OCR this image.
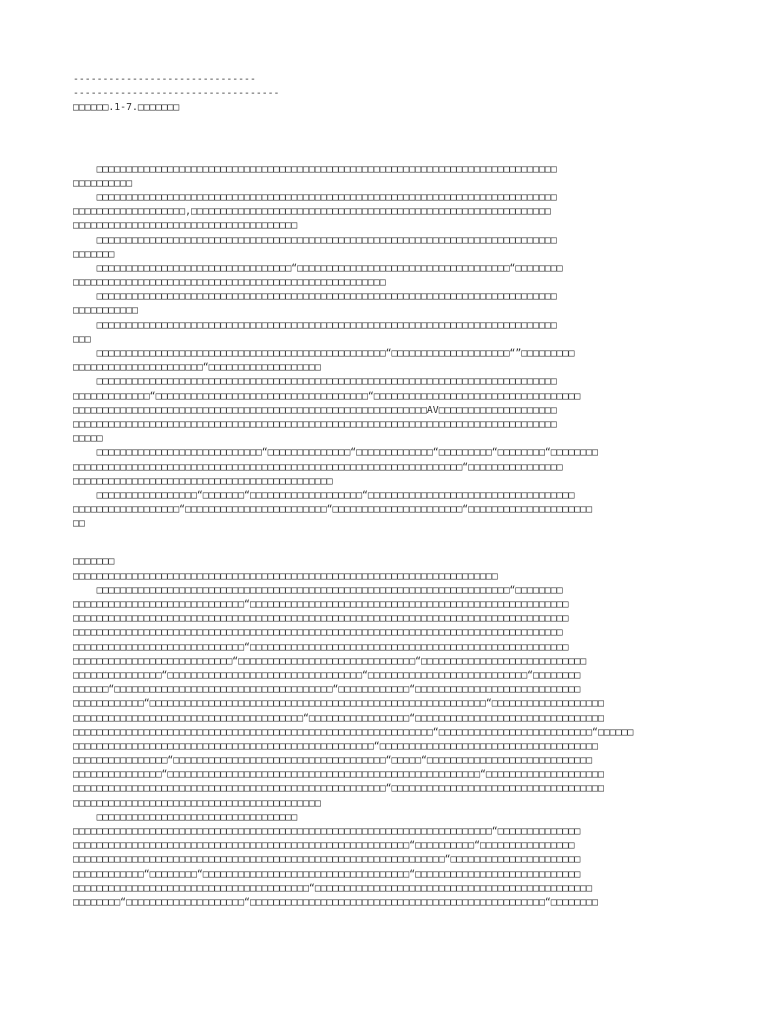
-------------------------------
-----------------------------------
□□□□□□.1-7.□□□□□□□
□□□□□□□□□□□□□□□□□□□□□□□□□□□□□□□□□□□□□□□□□□□□□□□□□□□□□□□□□□□□□□□□□□□□□□□□□□□□□□
□□□□□□□□□□
□□□□□□□□□□□□□□□□□□□□□□□□□□□□□□□□□□□□□□□□□□□□□□□□□□□□□□□□□□□□□□□□□□□□□□□□□□□□□□
□□□□□□□□□□□□□□□□□□□,□□□□□□□□□□□□□□□□□□□□□□□□□□□□□□□□□□□□□□□□□□□□□□□□□□□□□□□□□□□□□
□□□□□□□□□□□□□□□□□□□□□□□□□□□□□□□□□□□□□□
□□□□□□□□□□□□□□□□□□□□□□□□□□□□□□□□□□□□□□□□□□□□□□□□□□□□□□□□□□□□□□□□□□□□□□□□□□□□□□
□□□□□□□
□□□□□□□□□□□□□□□□□□□□□□□□□□□□□□□□□“□□□□□□□□□□□□□□□□□□□□□□□□□□□□□□□□□□□□“□□□□□□□□
□□□□□□□□□□□□□□□□□□□□□□□□□□□□□□□□□□□□□□□□□□□□□□□□□□□□□
□□□□□□□□□□□□□□□□□□□□□□□□□□□□□□□□□□□□□□□□□□□□□□□□□□□□□□□□□□□□□□□□□□□□□□□□□□□□□□
□□□□□□□□□□□
□□□□□□□□□□□□□□□□□□□□□□□□□□□□□□□□□□□□□□□□□□□□□□□□□□□□□□□□□□□□□□□□□□□□□□□□□□□□□□
□□□
□□□□□□□□□□□□□□□□□□□□□□□□□□□□□□□□□□□□□□□□□□□□□□□□□“□□□□□□□□□□□□□□□□□□□□“”□□□□□□□□□
□□□□□□□□□□□□□□□□□□□□□□“□□□□□□□□□□□□□□□□□□□
□□□□□□□□□□□□□□□□□□□□□□□□□□□□□□□□□□□□□□□□□□□□□□□□□□□□□□□□□□□□□□□□□□□□□□□□□□□□□□
□□□□□□□□□□□□□“□□□□□□□□□□□□□□□□□□□□□□□□□□□□□□□□□□□□“□□□□□□□□□□□□□□□□□□□□□□□□□□□□□□□□□□□
□□□□□□□□□□□□□□□□□□□□□□□□□□□□□□□□□□□□□□□□□□□□□□□□□□□□□□□□□□□□AV□□□□□□□□□□□□□□□□□□□□
□□□□□□□□□□□□□□□□□□□□□□□□□□□□□□□□□□□□□□□□□□□□□□□□□□□□□□□□□□□□□□□□□□□□□□□□□□□□□□□□□□
□□□□□
□□□□□□□□□□□□□□□□□□□□□□□□□□□□“□□□□□□□□□□□□□□“□□□□□□□□□□□□□“□□□□□□□□□“□□□□□□□□“□□□□□□□□
□□□□□□□□□□□□□□□□□□□□□□□□□□□□□□□□□□□□□□□□□□□□□□□□□□□□□□□□□□□□□□□□□□“□□□□□□□□□□□□□□□□
□□□□□□□□□□□□□□□□□□□□□□□□□□□□□□□□□□□□□□□□□□□□
□□□□□□□□□□□□□□□□□“□□□□□□□“□□□□□□□□□□□□□□□□□□□“□□□□□□□□□□□□□□□□□□□□□□□□□□□□□□□□□□□
□□□□□□□□□□□□□□□□□□“□□□□□□□□□□□□□□□□□□□□□□□□“□□□□□□□□□□□□□□□□□□□□□□“□□□□□□□□□□□□□□□□□□□□□
□□
□□□□□□□
□□□□□□□□□□□□□□□□□□□□□□□□□□□□□□□□□□□□□□□□□□□□□□□□□□□□□□□□□□□□□□□□□□□□□□□□
□□□□□□□□□□□□□□□□□□□□□□□□□□□□□□□□□□□□□□□□□□□□□□□□□□□□□□□□□□□□□□□□□□□□□□“□□□□□□□□
□□□□□□□□□□□□□□□□□□□□□□□□□□□□□“□□□□□□□□□□□□□□□□□□□□□□□□□□□□□□□□□□□□□□□□□□□□□□□□□□□□□□
□□□□□□□□□□□□□□□□□□□□□□□□□□□□□□□□□□□□□□□□□□□□□□□□□□□□□□□□□□□□□□□□□□□□□□□□□□□□□□□□□□□□
□□□□□□□□□□□□□□□□□□□□□□□□□□□□□□□□□□□□□□□□□□□□□□□□□□□□□□□□□□□□□□□□□□□□□□□□□□□□□□□□□□□
□□□□□□□□□□□□□□□□□□□□□□□□□□□□□“□□□□□□□□□□□□□□□□□□□□□□□□□□□□□□□□□□□□□□□□□□□□□□□□□□□□□□
□□□□□□□□□□□□□□□□□□□□□□□□□□□“□□□□□□□□□□□□□□□□□□□□□□□□□□□□□□“□□□□□□□□□□□□□□□□□□□□□□□□□□□□
□□□□□□□□□□□□□□□“□□□□□□□□□□□□□□□□□□□□□□□□□□□□□□□□□“□□□□□□□□□□□□□□□□□□□□□□□□□□□“□□□□□□□□
□□□□□□“□□□□□□□□□□□□□□□□□□□□□□□□□□□□□□□□□□□□□“□□□□□□□□□□□□“□□□□□□□□□□□□□□□□□□□□□□□□□□□□
□□□□□□□□□□□□“□□□□□□□□□□□□□□□□□□□□□□□□□□□□□□□□□□□□□□□□□□□□□□□□□□□□□□□□□“□□□□□□□□□□□□□□□□□□□
□□□□□□□□□□□□□□□□□□□□□□□□□□□□□□□□□□□□□□□“□□□□□□□□□□□□□□□□□“□□□□□□□□□□□□□□□□□□□□□□□□□□□□□□□□
□□□□□□□□□□□□□□□□□□□□□□□□□□□□□□□□□□□□□□□□□□□□□□□□□□□□□□□□□□□□□“□□□□□□□□□□□□□□□□□□□□□□□□□□“□□□□□□
□□□□□□□□□□□□□□□□□□□□□□□□□□□□□□□□□□□□□□□□□□□□□□□□□□□“□□□□□□□□□□□□□□□□□□□□□□□□□□□□□□□□□□□□□
□□□□□□□□□□□□□□□□“□□□□□□□□□□□□□□□□□□□□□□□□□□□□□□□□□□□□“□□□□□“□□□□□□□□□□□□□□□□□□□□□□□□□□□□
□□□□□□□□□□□□□□□“□□□□□□□□□□□□□□□□□□□□□□□□□□□□□□□□□□□□□□□□□□□□□□□□□□□□□“□□□□□□□□□□□□□□□□□□□□
□□□□□□□□□□□□□□□□□□□□□□□□□□□□□□□□□□□□□□□□□□□□□□□□□□□□□“□□□□□□□□□□□□□□□□□□□□□□□□□□□□□□□□□□□□
□□□□□□□□□□□□□□□□□□□□□□□□□□□□□□□□□□□□□□□□□□
□□□□□□□□□□□□□□□□□□□□□□□□□□□□□□□□□□
□□□□□□□□□□□□□□□□□□□□□□□□□□□□□□□□□□□□□□□□□□□□□□□□□□□□□□□□□□□□□□□□□□□□□□□“□□□□□□□□□□□□□□
□□□□□□□□□□□□□□□□□□□□□□□□□□□□□□□□□□□□□□□□□□□□□□□□□□□□□□□□□“□□□□□□□□□□“□□□□□□□□□□□□□□□□
□□□□□□□□□□□□□□□□□□□□□□□□□□□□□□□□□□□□□□□□□□□□□□□□□□□□□□□□□□□□□□□“□□□□□□□□□□□□□□□□□□□□□□
□□□□□□□□□□□□“□□□□□□□□“□□□□□□□□□□□□□□□□□□□□□□□□□□□□□□□□□□□“□□□□□□□□□□□□□□□□□□□□□□□□□□□□
□□□□□□□□□□□□□□□□□□□□□□□□□□□□□□□□□□□□□□□□“□□□□□□□□□□□□□□□□□□□□□□□□□□□□□□□□□□□□□□□□□□□□□□□
□□□□□□□□“□□□□□□□□□□□□□□□□□□□□“□□□□□□□□□□□□□□□□□□□□□□□□□□□□□□□□□□□□□□□□□□□□□□□□□□“□□□□□□□□
